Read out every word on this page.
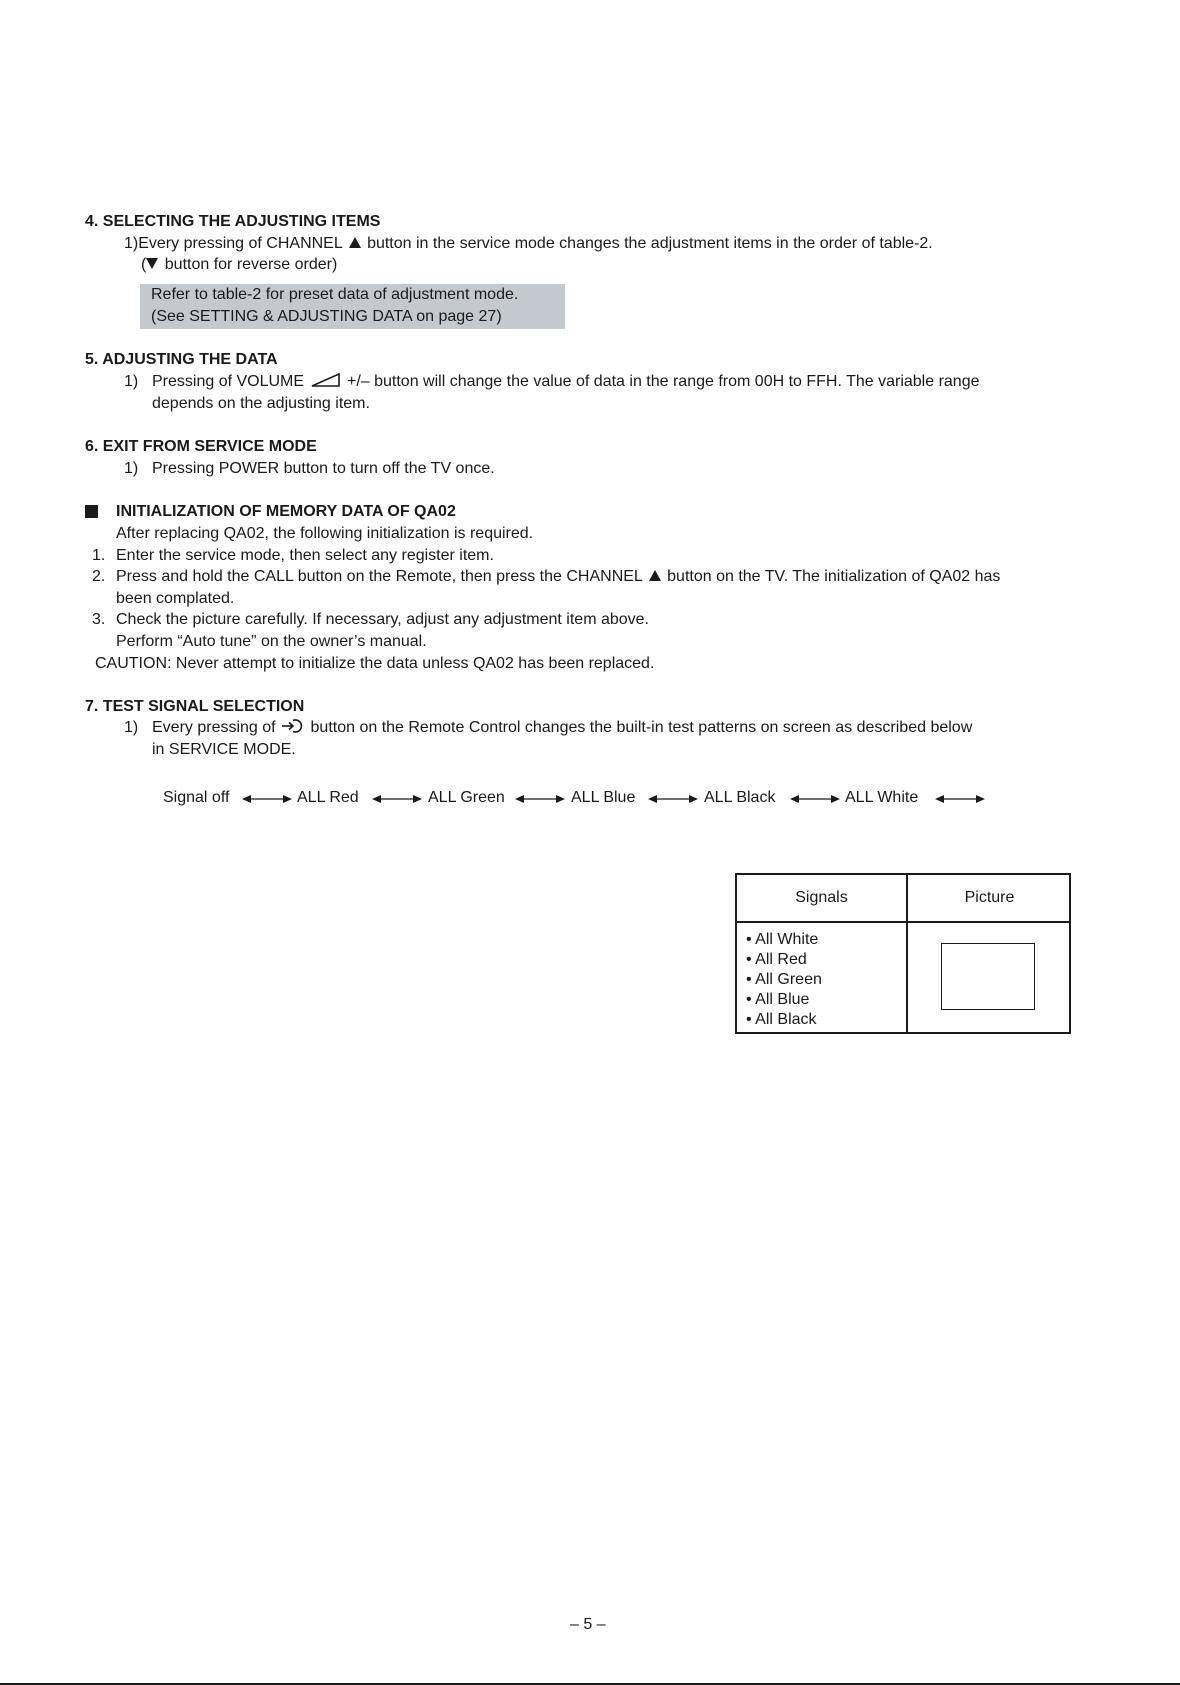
4. SELECTING THE ADJUSTING ITEMS
1)Every pressing of CHANNEL button in the service mode changes the adjustment items in the order of table-2.
( button for reverse order)
Refer to table-2 for preset data of adjustment mode.
(See SETTING & ADJUSTING DATA on page 27)
5. ADJUSTING THE DATA
1) Pressing of VOLUME	+/– button will change the value of data in the range from 00H to FFH. The variable range
depends on the adjusting item.
6. EXIT FROM SERVICE MODE
1) Pressing POWER button to turn off the TV once.
INITIALIZATION OF MEMORY DATA OF QA02
After replacing QA02, the following initialization is required.
1. Enter the service mode, then select any register item.
2. Press and hold the CALL button on the Remote, then press the CHANNEL button on the TV. The initialization of QA02 has
been complated.
3. Check the picture carefully. If necessary, adjust any adjustment item above.
Perform “Auto tune” on the owner’s manual.
CAUTION: Never attempt to initialize the data unless QA02 has been replaced.
7. TEST SIGNAL SELECTION
1) Every pressing of button on the Remote Control changes the built-in test patterns on screen as described below
in SERVICE MODE.
Signal off	ALL Red	ALL Green	ALL Blue	ALL Black	ALL White
Signals	Picture
• All White
• All Red
• All Green
• All Blue
• All Black
– 5 –
